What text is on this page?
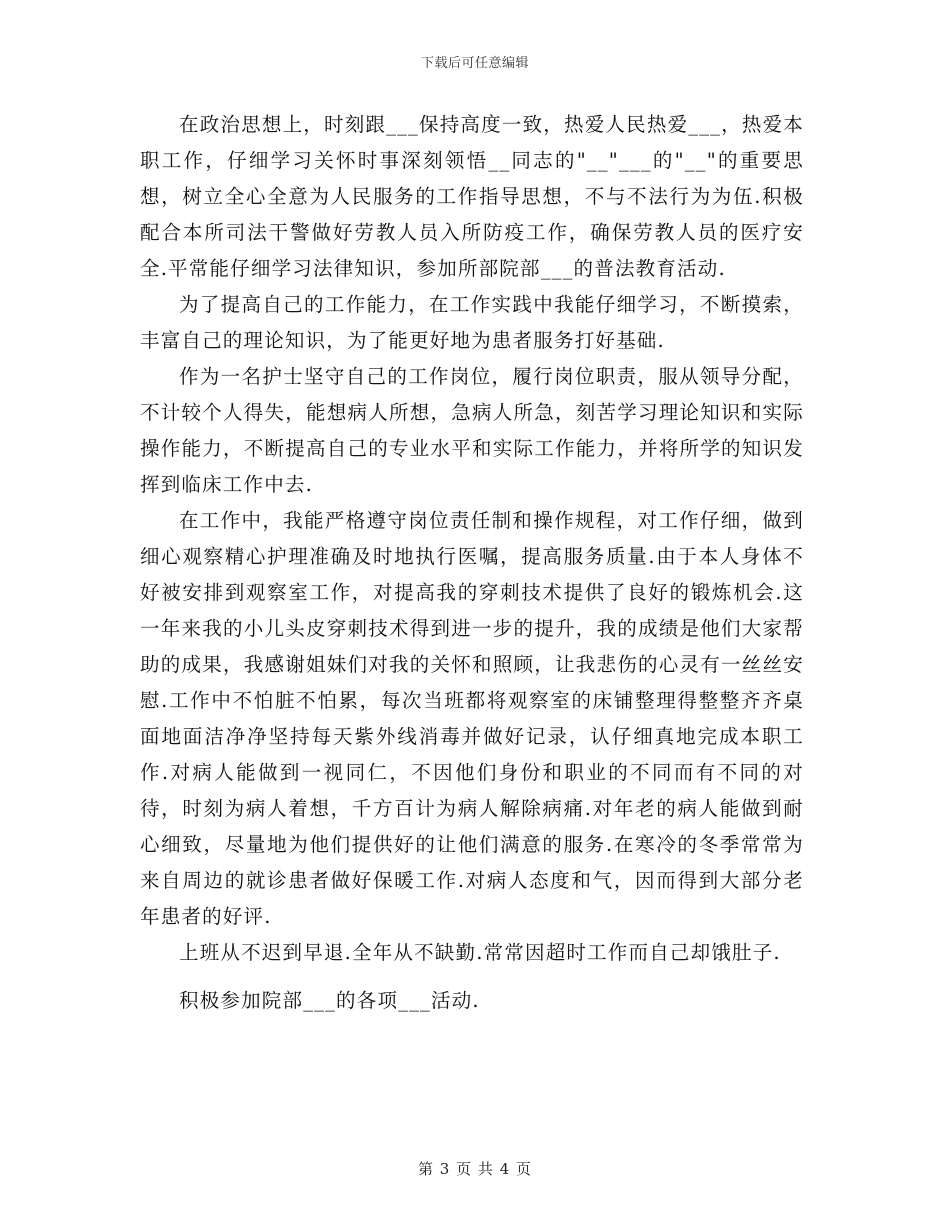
下载后可任意编辑

在政治思想上，时刻跟___保持高度一致，热爱人民热爱___，热爱本职工作，仔细学习关怀时事深刻领悟__同志的"__"___的"__"的重要思想，树立全心全意为人民服务的工作指导思想，不与不法行为为伍.积极配合本所司法干警做好劳教人员入所防疫工作，确保劳教人员的医疗安全.平常能仔细学习法律知识，参加所部院部___的普法教育活动.

为了提高自己的工作能力，在工作实践中我能仔细学习，不断摸索，丰富自己的理论知识，为了能更好地为患者服务打好基础.

作为一名护士坚守自己的工作岗位，履行岗位职责，服从领导分配，不计较个人得失，能想病人所想，急病人所急，刻苦学习理论知识和实际操作能力，不断提高自己的专业水平和实际工作能力，并将所学的知识发挥到临床工作中去.

在工作中，我能严格遵守岗位责任制和操作规程，对工作仔细，做到细心观察精心护理准确及时地执行医嘱，提高服务质量.由于本人身体不好被安排到观察室工作，对提高我的穿刺技术提供了良好的锻炼机会.这一年来我的小儿头皮穿刺技术得到进一步的提升，我的成绩是他们大家帮助的成果，我感谢姐妹们对我的关怀和照顾，让我悲伤的心灵有一丝丝安慰.工作中不怕脏不怕累，每次当班都将观察室的床铺整理得整整齐齐桌面地面洁净净坚持每天紫外线消毒并做好记录，认仔细真地完成本职工作.对病人能做到一视同仁，不因他们身份和职业的不同而有不同的对待，时刻为病人着想，千方百计为病人解除病痛.对年老的病人能做到耐心细致，尽量地为他们提供好的让他们满意的服务.在寒冷的冬季常常为来自周边的就诊患者做好保暖工作.对病人态度和气，因而得到大部分老年患者的好评.

上班从不迟到早退.全年从不缺勤.常常因超时工作而自己却饿肚子.

积极参加院部___的各项___活动.

第 3 页 共 4 页
